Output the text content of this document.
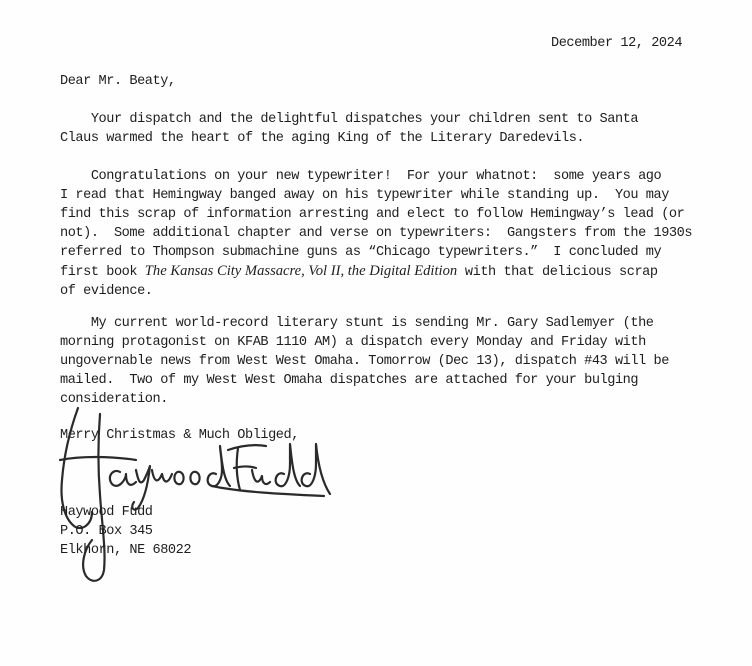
December 12, 2024
Dear Mr. Beaty,
Your dispatch and the delightful dispatches your children sent to Santa
Claus warmed the heart of the aging King of the Literary Daredevils.
Congratulations on your new typewriter!  For your whatnot:  some years ago
I read that Hemingway banged away on his typewriter while standing up.  You may
find this scrap of information arresting and elect to follow Hemingway’s lead (or
not).  Some additional chapter and verse on typewriters:  Gangsters from the 1930s
referred to Thompson submachine guns as “Chicago typewriters.”  I concluded my
first book The Kansas City Massacre, Vol II, the Digital Edition with that delicious scrap
of evidence.
My current world-record literary stunt is sending Mr. Gary Sadlemyer (the
morning protagonist on KFAB 1110 AM) a dispatch every Monday and Friday with
ungovernable news from West West Omaha. Tomorrow (Dec 13), dispatch #43 will be
mailed.  Two of my West West Omaha dispatches are attached for your bulging
consideration.
Merry Christmas & Much Obliged,
Haywood Fudd
P.O. Box 345
Elkhorn, NE 68022
